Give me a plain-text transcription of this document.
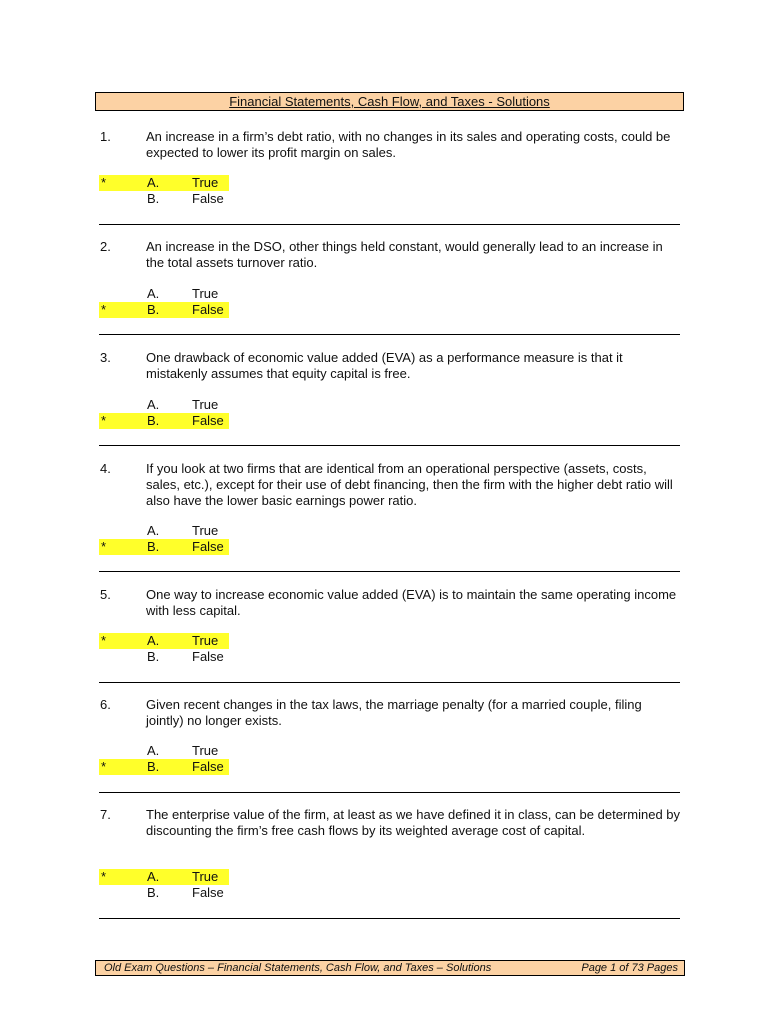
Financial Statements, Cash Flow, and Taxes - Solutions
1.	An increase in a firm’s debt ratio, with no changes in its sales and operating costs, could be expected to lower its profit margin on sales.
*	A.	True
B.	False
2.	An increase in the DSO, other things held constant, would generally lead to an increase in the total assets turnover ratio.
A.	True
*	B.	False
3.	One drawback of economic value added (EVA) as a performance measure is that it mistakenly assumes that equity capital is free.
A.	True
*	B.	False
4.	If you look at two firms that are identical from an operational perspective (assets, costs, sales, etc.), except for their use of debt financing, then the firm with the higher debt ratio will also have the lower basic earnings power ratio.
A.	True
*	B.	False
5.	One way to increase economic value added (EVA) is to maintain the same operating income with less capital.
*	A.	True
B.	False
6.	Given recent changes in the tax laws, the marriage penalty (for a married couple, filing jointly) no longer exists.
A.	True
*	B.	False
7.	The enterprise value of the firm, at least as we have defined it in class, can be determined by discounting the firm’s free cash flows by its weighted average cost of capital.
*	A.	True
B.	False
Old Exam Questions – Financial Statements, Cash Flow, and Taxes – Solutions	Page 1 of 73 Pages
